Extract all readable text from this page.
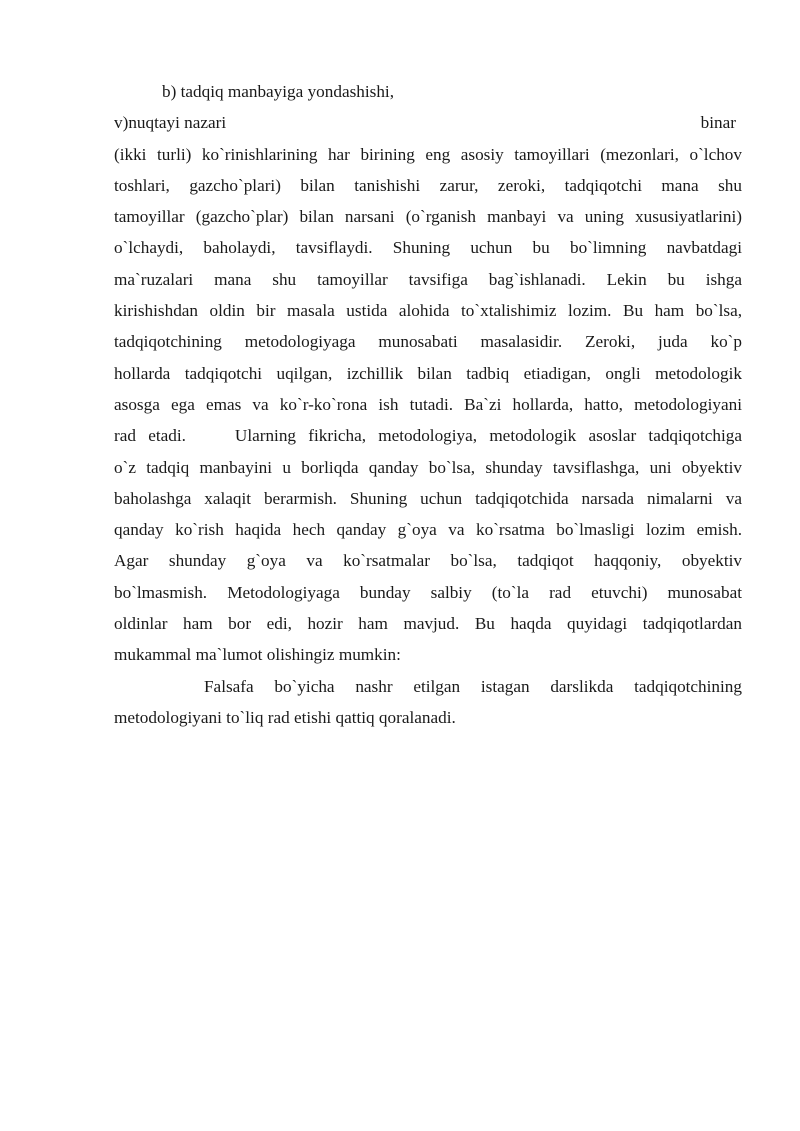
b) tadqiq manbayiga yondashishi,
v)nuqtayi nazari	binar
(ikki turli) ko`rinishlarining har birining eng asosiy tamoyillari (mezonlari, o`lchov
toshlari, gazcho`plari) bilan tanishishi zarur, zeroki, tadqiqotchi mana shu
tamoyillar (gazcho`plar) bilan narsani (o`rganish manbayi va uning xususiyatlarini)
o`lchaydi, baholaydi, tavsiflaydi. Shuning uchun bu bo`limning navbatdagi
ma`ruzalari mana shu tamoyillar tavsifiga bag`ishlanadi. Lekin bu ishga
kirishishdan oldin bir masala ustida alohida to`xtalishimiz lozim. Bu ham bo`lsa,
tadqiqotchining metodologiyaga munosabati masalasidir. Zeroki, juda ko`p
hollarda tadqiqotchi uqilgan, izchillik bilan tadbiq etiadigan, ongli metodologik
asosga ega emas va ko`r-ko`rona ish tutadi. Ba`zi hollarda, hatto, metodologiyani
rad etadi.    Ularning fikricha, metodologiya, metodologik asoslar tadqiqotchiga
o`z tadqiq manbayini u borliqda qanday bo`lsa, shunday tavsiflashga, uni obyektiv
baholashga xalaqit berarmish. Shuning uchun tadqiqotchida narsada nimalarni va
qanday ko`rish haqida hech qanday g`oya va ko`rsatma bo`lmasligi lozim emish.
Agar shunday g`oya va ko`rsatmalar bo`lsa, tadqiqot haqqoniy, obyektiv
bo`lmasmish. Metodologiyaga bunday salbiy (to`la rad etuvchi) munosabat
oldinlar ham bor edi, hozir ham mavjud. Bu haqda quyidagi tadqiqotlardan
mukammal ma`lumot olishingiz mumkin:
Falsafa bo`yicha nashr etilgan istagan darslikda tadqiqotchining
metodologiyani to`liq rad etishi qattiq qoralanadi.
